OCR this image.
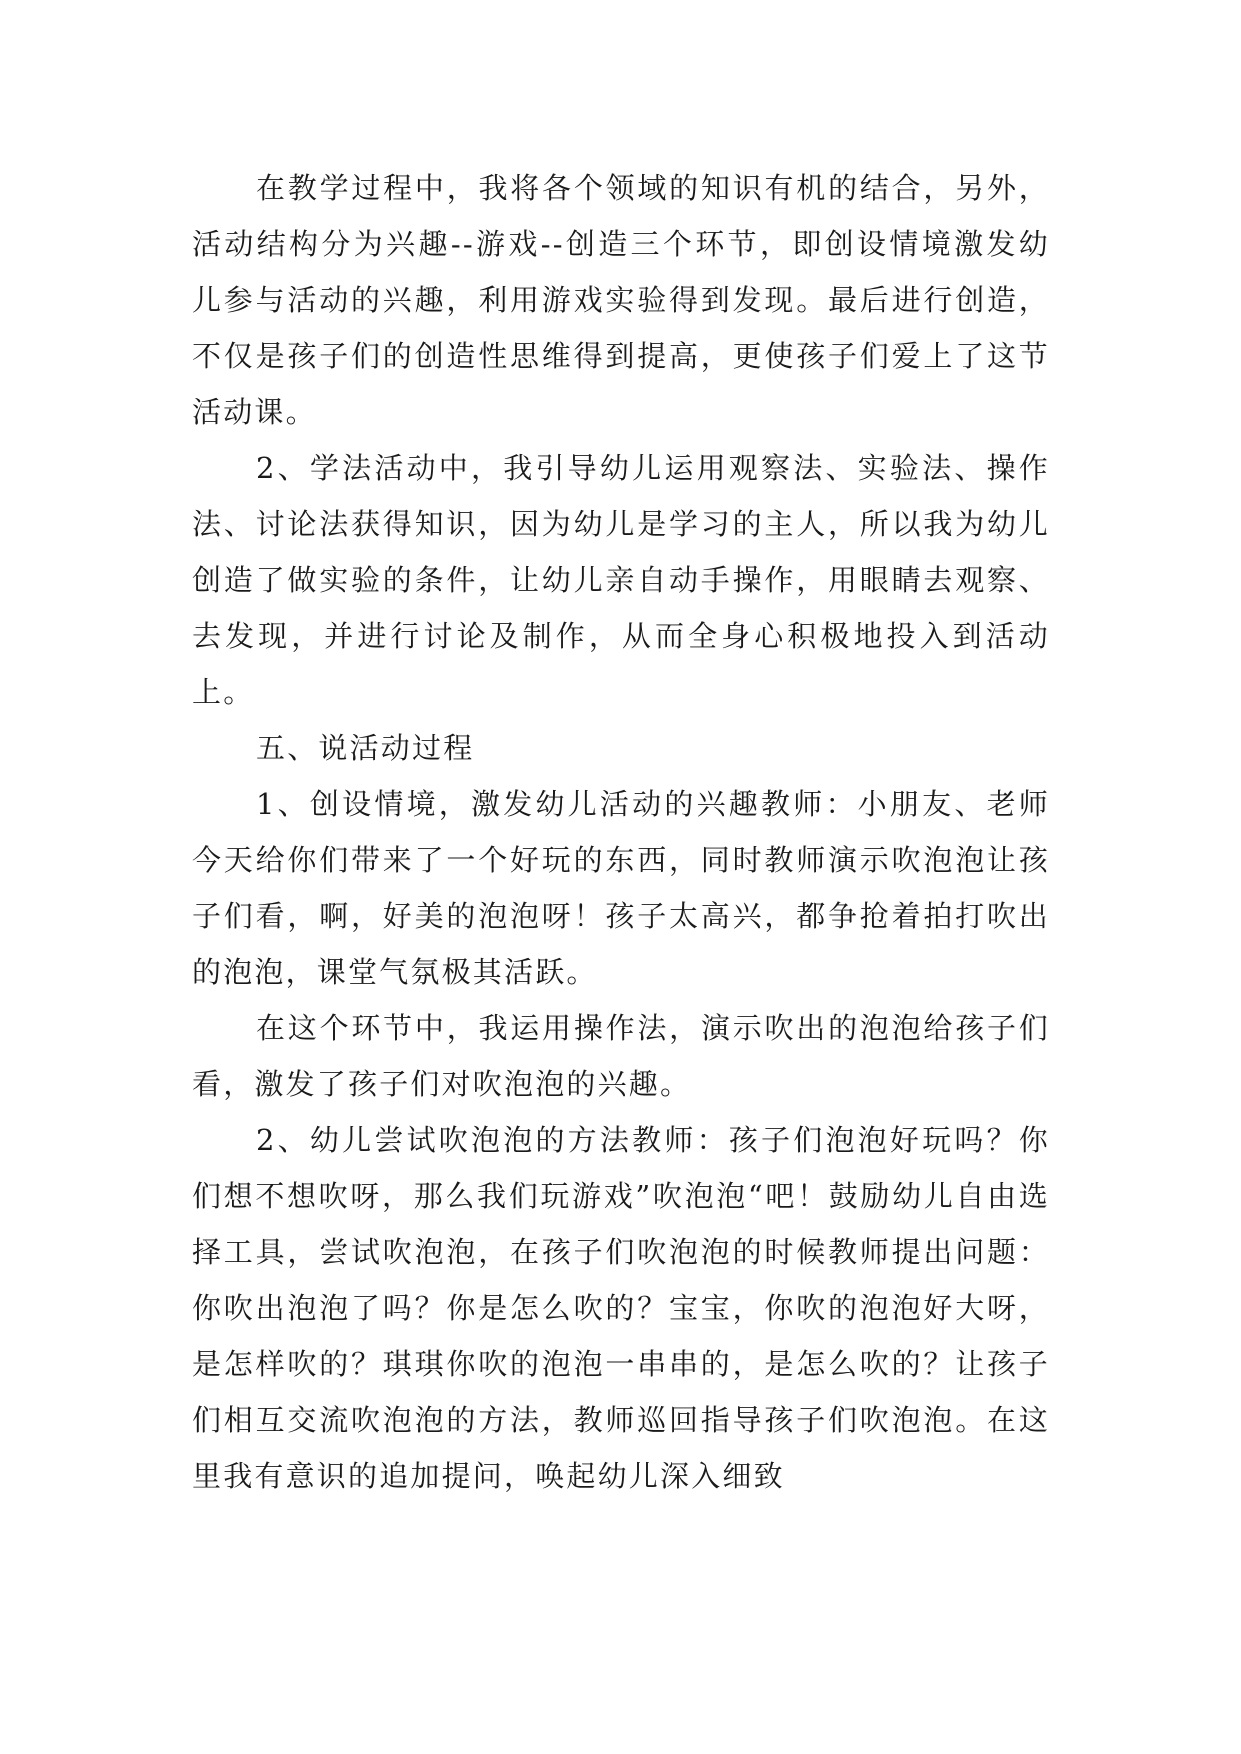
在教学过程中，我将各个领域的知识有机的结合，另外，活动结构分为兴趣--游戏--创造三个环节，即创设情境激发幼儿参与活动的兴趣，利用游戏实验得到发现。最后进行创造，不仅是孩子们的创造性思维得到提高，更使孩子们爱上了这节活动课。

2、学法活动中，我引导幼儿运用观察法、实验法、操作法、讨论法获得知识，因为幼儿是学习的主人，所以我为幼儿创造了做实验的条件，让幼儿亲自动手操作，用眼睛去观察、去发现，并进行讨论及制作，从而全身心积极地投入到活动上。

五、说活动过程

1、创设情境，激发幼儿活动的兴趣教师：小朋友、老师今天给你们带来了一个好玩的东西，同时教师演示吹泡泡让孩子们看，啊，好美的泡泡呀！孩子太高兴，都争抢着拍打吹出的泡泡，课堂气氛极其活跃。

在这个环节中，我运用操作法，演示吹出的泡泡给孩子们看，激发了孩子们对吹泡泡的兴趣。

2、幼儿尝试吹泡泡的方法教师：孩子们泡泡好玩吗？你们想不想吹呀，那么我们玩游戏”吹泡泡“吧！鼓励幼儿自由选择工具，尝试吹泡泡，在孩子们吹泡泡的时候教师提出问题：你吹出泡泡了吗？你是怎么吹的？宝宝，你吹的泡泡好大呀，是怎样吹的？琪琪你吹的泡泡一串串的，是怎么吹的？让孩子们相互交流吹泡泡的方法，教师巡回指导孩子们吹泡泡。在这里我有意识的追加提问，唤起幼儿深入细致
